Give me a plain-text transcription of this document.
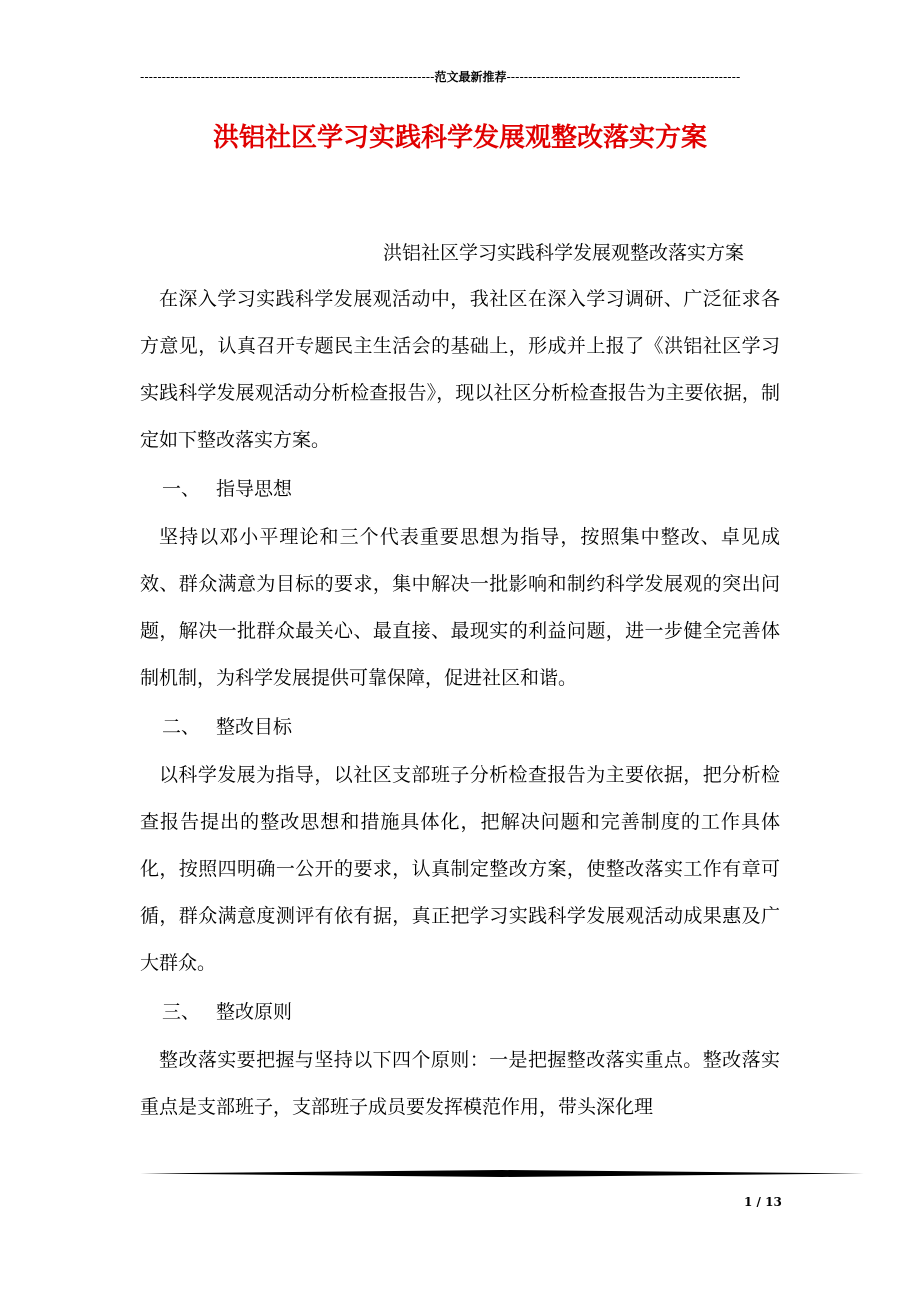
--------------------------------------------------------------------范文最新推荐------------------------------------------------------
洪铝社区学习实践科学发展观整改落实方案

洪铝社区学习实践科学发展观整改落实方案

在深入学习实践科学发展观活动中，我社区在深入学习调研、广泛征求各方意见，认真召开专题民主生活会的基础上，形成并上报了《洪铝社区学习实践科学发展观活动分析检查报告》，现以社区分析检查报告为主要依据，制定如下整改落实方案。

一、 指导思想

坚持以邓小平理论和三个代表重要思想为指导，按照集中整改、卓见成效、群众满意为目标的要求，集中解决一批影响和制约科学发展观的突出问题，解决一批群众最关心、最直接、最现实的利益问题，进一步健全完善体制机制，为科学发展提供可靠保障，促进社区和谐。

二、 整改目标

以科学发展为指导，以社区支部班子分析检查报告为主要依据，把分析检查报告提出的整改思想和措施具体化，把解决问题和完善制度的工作具体化，按照四明确一公开的要求，认真制定整改方案，使整改落实工作有章可循，群众满意度测评有依有据，真正把学习实践科学发展观活动成果惠及广大群众。

三、 整改原则

整改落实要把握与坚持以下四个原则：一是把握整改落实重点。整改落实重点是支部班子，支部班子成员要发挥模范作用，带头深化理

1 / 13
